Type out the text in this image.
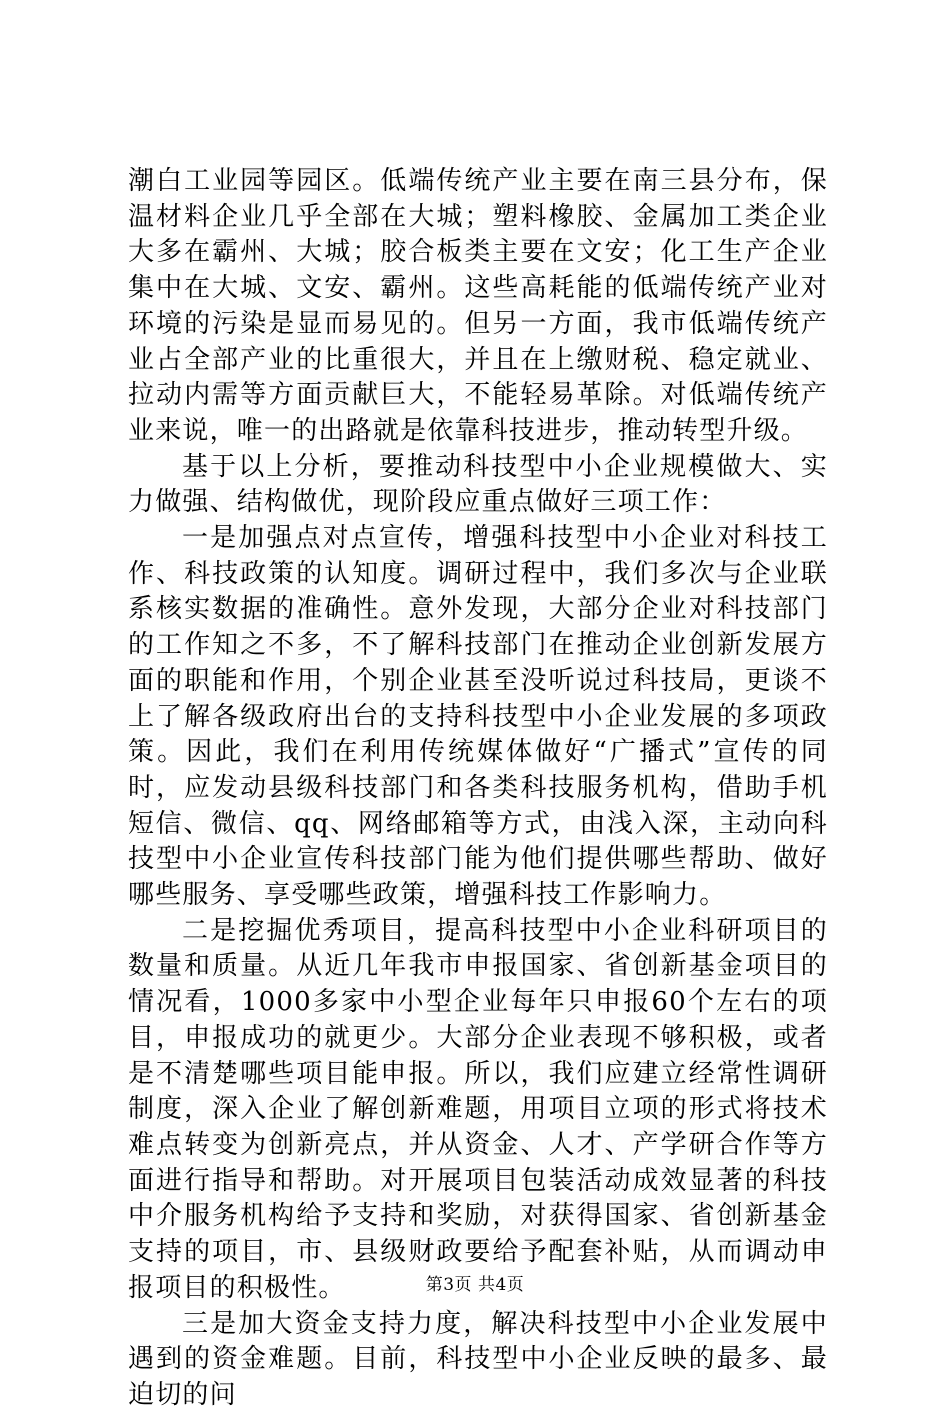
潮白工业园等园区。低端传统产业主要在南三县分布，保温材料企业几乎全部在大城；塑料橡胶、金属加工类企业大多在霸州、大城；胶合板类主要在文安；化工生产企业集中在大城、文安、霸州。这些高耗能的低端传统产业对环境的污染是显而易见的。但另一方面，我市低端传统产业占全部产业的比重很大，并且在上缴财税、稳定就业、拉动内需等方面贡献巨大，不能轻易革除。对低端传统产业来说，唯一的出路就是依靠科技进步，推动转型升级。

基于以上分析，要推动科技型中小企业规模做大、实力做强、结构做优，现阶段应重点做好三项工作：

一是加强点对点宣传，增强科技型中小企业对科技工作、科技政策的认知度。调研过程中，我们多次与企业联系核实数据的准确性。意外发现，大部分企业对科技部门的工作知之不多，不了解科技部门在推动企业创新发展方面的职能和作用，个别企业甚至没听说过科技局，更谈不上了解各级政府出台的支持科技型中小企业发展的多项政策。因此，我们在利用传统媒体做好“广播式”宣传的同时，应发动县级科技部门和各类科技服务机构，借助手机短信、微信、qq、网络邮箱等方式，由浅入深，主动向科技型中小企业宣传科技部门能为他们提供哪些帮助、做好哪些服务、享受哪些政策，增强科技工作影响力。

二是挖掘优秀项目，提高科技型中小企业科研项目的数量和质量。从近几年我市申报国家、省创新基金项目的情况看，1000多家中小型企业每年只申报60个左右的项目，申报成功的就更少。大部分企业表现不够积极，或者是不清楚哪些项目能申报。所以，我们应建立经常性调研制度，深入企业了解创新难题，用项目立项的形式将技术难点转变为创新亮点，并从资金、人才、产学研合作等方面进行指导和帮助。对开展项目包装活动成效显著的科技中介服务机构给予支持和奖励，对获得国家、省创新基金支持的项目，市、县级财政要给予配套补贴，从而调动申报项目的积极性。

三是加大资金支持力度，解决科技型中小企业发展中遇到的资金难题。目前，科技型中小企业反映的最多、最迫切的问

第3页 共4页
